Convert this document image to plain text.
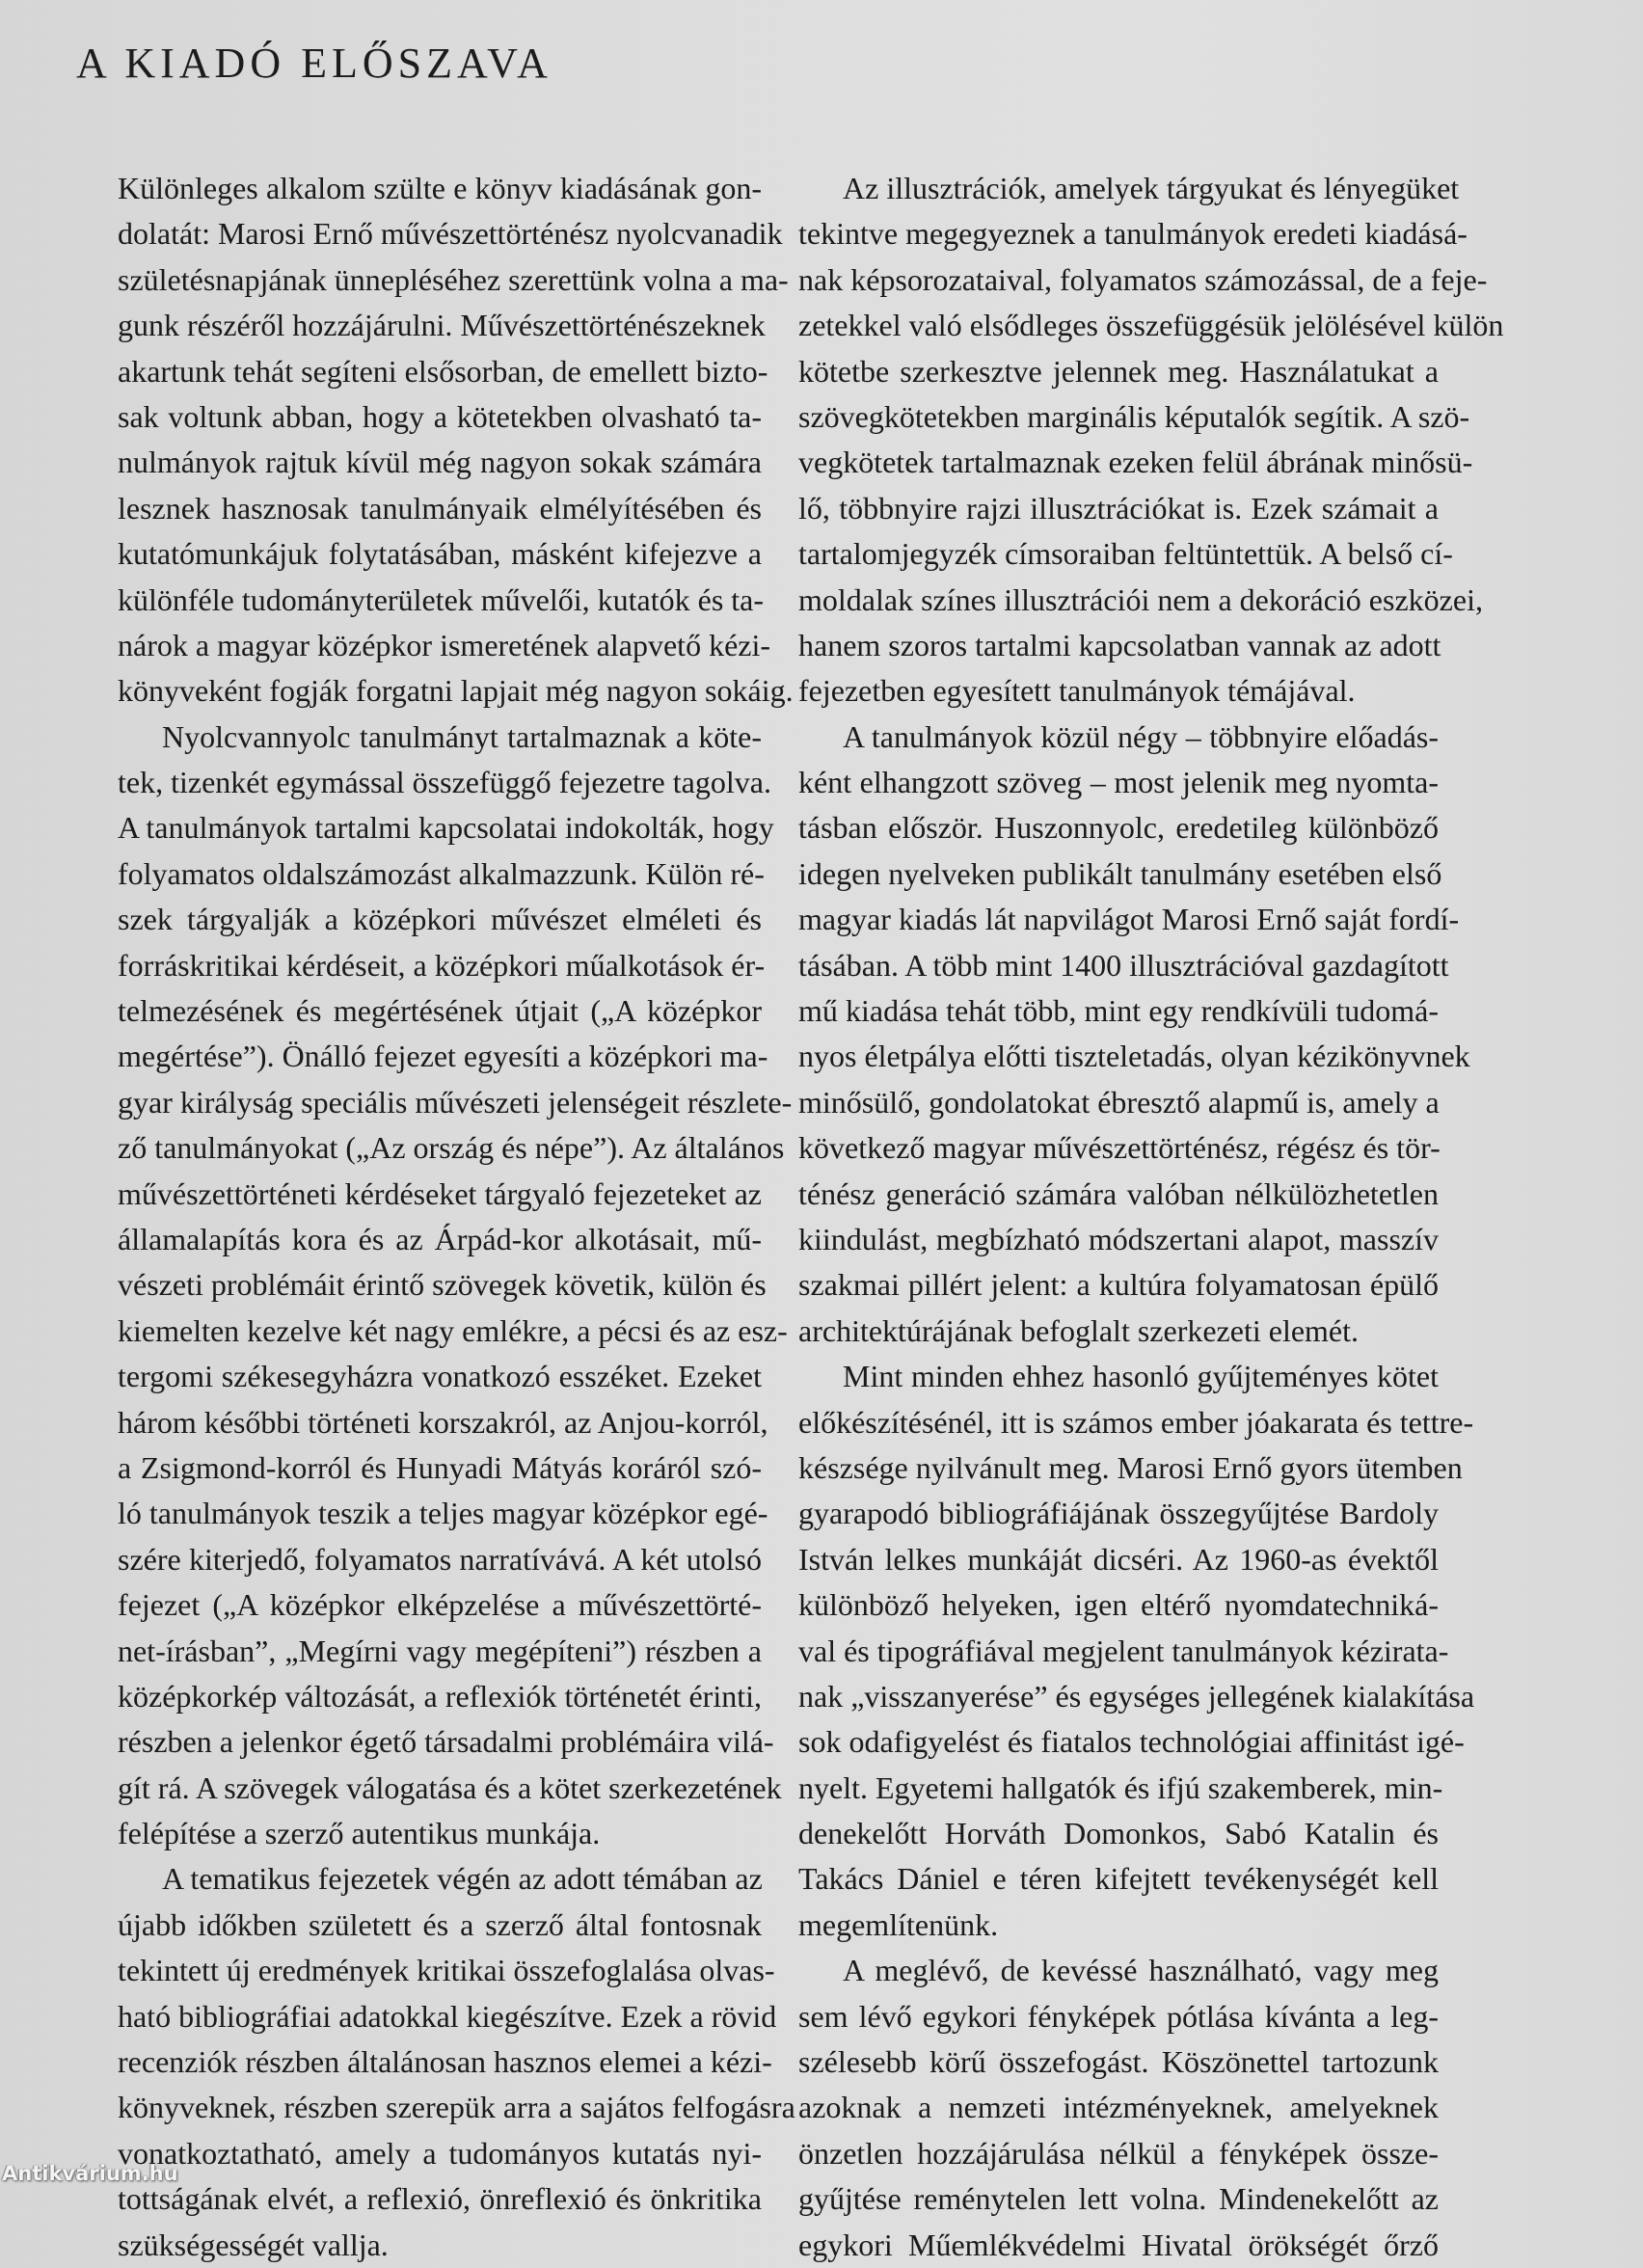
A KIADÓ ELŐSZAVA
Különleges alkalom szülte e könyv kiadásának gon-
dolatát: Marosi Ernő művészettörténész nyolcvanadik
születésnapjának ünnepléséhez szerettünk volna a ma-
gunk részéről hozzájárulni. Művészettörténészeknek
akartunk tehát segíteni elsősorban, de emellett bizto-
sak voltunk abban, hogy a kötetekben olvasható ta-
nulmányok rajtuk kívül még nagyon sokak számára
lesznek hasznosak tanulmányaik elmélyítésében és
kutatómunkájuk folytatásában, másként kifejezve a
különféle tudományterületek művelői, kutatók és ta-
nárok a magyar középkor ismeretének alapvető kézi-
könyveként fogják forgatni lapjait még nagyon sokáig.
Nyolcvannyolc tanulmányt tartalmaznak a köte-
tek, tizenkét egymással összefüggő fejezetre tagolva.
A tanulmányok tartalmi kapcsolatai indokolták, hogy
folyamatos oldalszámozást alkalmazzunk. Külön ré-
szek tárgyalják a középkori művészet elméleti és
forráskritikai kérdéseit, a középkori műalkotások ér-
telmezésének és megértésének útjait („A középkor
megértése”). Önálló fejezet egyesíti a középkori ma-
gyar királyság speciális művészeti jelenségeit részlete-
ző tanulmányokat („Az ország és népe”). Az általános
művészettörténeti kérdéseket tárgyaló fejezeteket az
államalapítás kora és az Árpád-kor alkotásait, mű-
vészeti problémáit érintő szövegek követik, külön és
kiemelten kezelve két nagy emlékre, a pécsi és az esz-
tergomi székesegyházra vonatkozó esszéket. Ezeket
három későbbi történeti korszakról, az Anjou-korról,
a Zsigmond-korról és Hunyadi Mátyás koráról szó-
ló tanulmányok teszik a teljes magyar középkor egé-
szére kiterjedő, folyamatos narratívává. A két utolsó
fejezet („A középkor elképzelése a művészettörté-
net-írásban”, „Megírni vagy megépíteni”) részben a
középkorkép változását, a reflexiók történetét érinti,
részben a jelenkor égető társadalmi problémáira vilá-
gít rá. A szövegek válogatása és a kötet szerkezetének
felépítése a szerző autentikus munkája.
A tematikus fejezetek végén az adott témában az
újabb időkben született és a szerző által fontosnak
tekintett új eredmények kritikai összefoglalása olvas-
ható bibliográfiai adatokkal kiegészítve. Ezek a rövid
recenziók részben általánosan hasznos elemei a kézi-
könyveknek, részben szerepük arra a sajátos felfogásra
vonatkoztatható, amely a tudományos kutatás nyi-
tottságának elvét, a reflexió, önreflexió és önkritika
szükségességét vallja.
Az illusztrációk, amelyek tárgyukat és lényegüket
tekintve megegyeznek a tanulmányok eredeti kiadásá-
nak képsorozataival, folyamatos számozással, de a feje-
zetekkel való elsődleges összefüggésük jelölésével külön
kötetbe szerkesztve jelennek meg. Használatukat a
szövegkötetekben marginális képutalók segítik. A szö-
vegkötetek tartalmaznak ezeken felül ábrának minősü-
lő, többnyire rajzi illusztrációkat is. Ezek számait a
tartalomjegyzék címsoraiban feltüntettük. A belső cí-
moldalak színes illusztrációi nem a dekoráció eszközei,
hanem szoros tartalmi kapcsolatban vannak az adott
fejezetben egyesített tanulmányok témájával.
A tanulmányok közül négy – többnyire előadás-
ként elhangzott szöveg – most jelenik meg nyomta-
tásban először. Huszonnyolc, eredetileg különböző
idegen nyelveken publikált tanulmány esetében első
magyar kiadás lát napvilágot Marosi Ernő saját fordí-
tásában. A több mint 1400 illusztrációval gazdagított
mű kiadása tehát több, mint egy rendkívüli tudomá-
nyos életpálya előtti tiszteletadás, olyan kézikönyvnek
minősülő, gondolatokat ébresztő alapmű is, amely a
következő magyar művészettörténész, régész és tör-
ténész generáció számára valóban nélkülözhetetlen
kiindulást, megbízható módszertani alapot, masszív
szakmai pillért jelent: a kultúra folyamatosan épülő
architektúrájának befoglalt szerkezeti elemét.
Mint minden ehhez hasonló gyűjteményes kötet
előkészítésénél, itt is számos ember jóakarata és tettre-
készsége nyilvánult meg. Marosi Ernő gyors ütemben
gyarapodó bibliográfiájának összegyűjtése Bardoly
István lelkes munkáját dicséri. Az 1960-as évektől
különböző helyeken, igen eltérő nyomdatechniká-
val és tipográfiával megjelent tanulmányok kézirata-
nak „visszanyerése” és egységes jellegének kialakítása
sok odafigyelést és fiatalos technológiai affinitást igé-
nyelt. Egyetemi hallgatók és ifjú szakemberek, min-
denekelőtt Horváth Domonkos, Sabó Katalin és
Takács Dániel e téren kifejtett tevékenységét kell
megemlítenünk.
A meglévő, de kevéssé használható, vagy meg
sem lévő egykori fényképek pótlása kívánta a leg-
szélesebb körű összefogást. Köszönettel tartozunk
azoknak a nemzeti intézményeknek, amelyeknek
önzetlen hozzájárulása nélkül a fényképek össze-
gyűjtése reménytelen lett volna. Mindenekelőtt az
egykori Műemlékvédelmi Hivatal örökségét őrző
Antikvárium.hu
